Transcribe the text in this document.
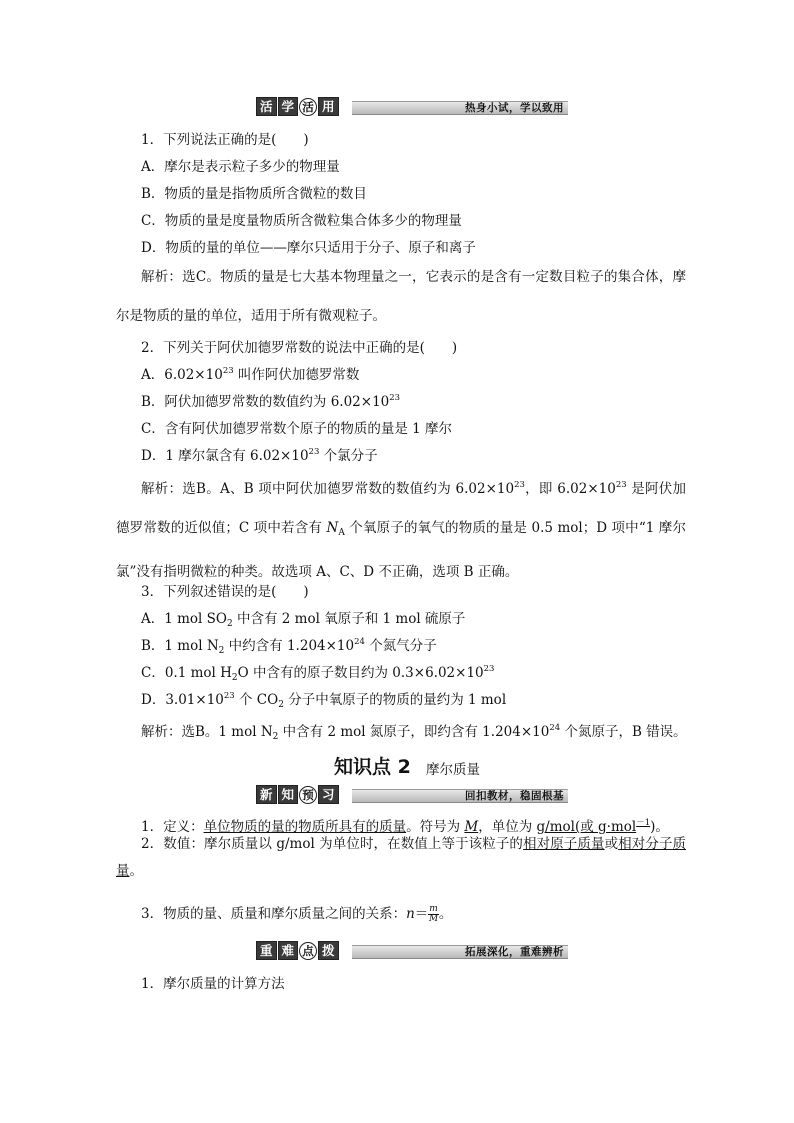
热身小试，学以致用
活 学 活 用
1．下列说法正确的是(　　)
A．摩尔是表示粒子多少的物理量
B．物质的量是指物质所含微粒的数目
C．物质的量是度量物质所含微粒集合体多少的物理量
D．物质的量的单位——摩尔只适用于分子、原子和离子
解析：选C。物质的量是七大基本物理量之一，它表示的是含有一定数目粒子的集合体，摩尔是物质的量的单位，适用于所有微观粒子。
2．下列关于阿伏加德罗常数的说法中正确的是(　　)
A．$6.02\times 10^{23}$ 叫作阿伏加德罗常数
B．阿伏加德罗常数的数值约为 $6.02\times 10^{23}$
C．含有阿伏加德罗常数个原子的物质的量是 1 摩尔
D．1 摩尔氯含有 $6.02\times 10^{23}$ 个氯分子
解析：选B。A、B 项中阿伏加德罗常数的数值约为 $6.02\times 10^{23}$，即 $6.02\times 10^{23}$ 是阿伏加德罗常数的近似值；C 项中若含有 $N_A$ 个氧原子的氧气的物质的量是 0.5 mol；D 项中“1 摩尔氯”没有指明微粒的种类。故选项 A、C、D 不正确，选项 B 正确。
3．下列叙述错误的是(　　)
A．1 mol $SO_2$ 中含有 2 mol 氧原子和 1 mol 硫原子
B．1 mol $N_2$ 中约含有 $1.204\times 10^{24}$ 个氮气分子
C．0.1 mol $H_2O$ 中含有的原子数目约为 $0.3\times 6.02\times 10^{23}$
D．$3.01\times 10^{23}$ 个 $CO_2$ 分子中氧原子的物质的量约为 1 mol
解析：选B。1 mol $N_2$ 中含有 2 mol 氮原子，即约含有 $1.204\times 10^{24}$ 个氮原子，B 错误。
知识点 2 摩尔质量
回扣教材，稳固根基
新 知 预 习
1．定义：单位物质的量的物质所具有的质量。符号为 M，单位为 g/mol(或 g·mol$^{-1}$)。
2．数值：摩尔质量以 g/mol 为单位时，在数值上等于该粒子的相对原子质量或相对分子质量。
3．物质的量、质量和摩尔质量之间的关系：$n= \frac{m}{M}$ 。
拓展深化，重难辨析
重 难 点 拨
1．摩尔质量的计算方法
